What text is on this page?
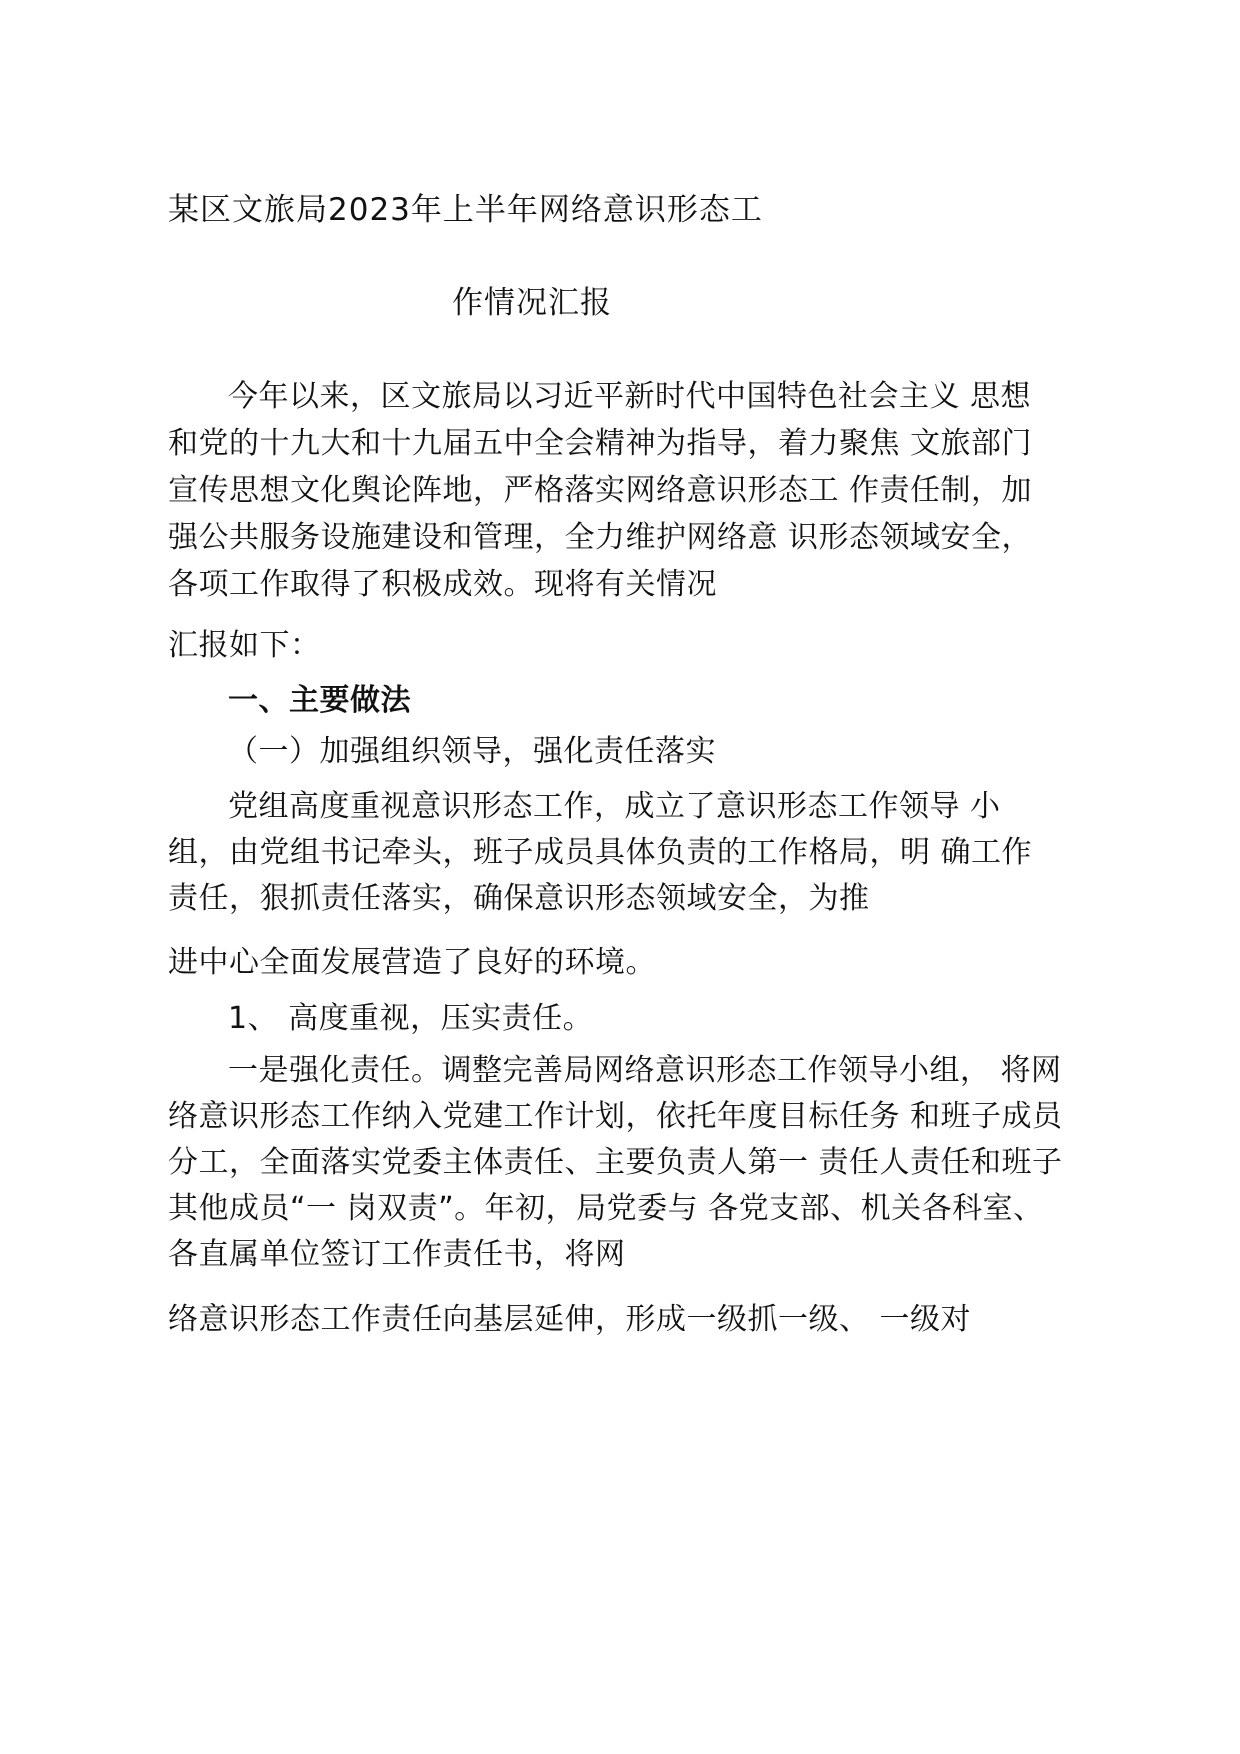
某区文旅局2023年上半年网络意识形态工
作情况汇报
今年以来，区文旅局以习近平新时代中国特色社会主义 思想
和党的十九大和十九届五中全会精神为指导，着力聚焦 文旅部门
宣传思想文化舆论阵地，严格落实网络意识形态工 作责任制，加
强公共服务设施建设和管理，全力维护网络意 识形态领域安全，
各项工作取得了积极成效。现将有关情况
汇报如下：
一、主要做法
（一）加强组织领导，强化责任落实
党组高度重视意识形态工作，成立了意识形态工作领导 小
组，由党组书记牵头，班子成员具体负责的工作格局，明 确工作
责任，狠抓责任落实，确保意识形态领域安全，为推
进中心全面发展营造了良好的环境。
1、 高度重视，压实责任。
一是强化责任。调整完善局网络意识形态工作领导小组， 将网
络意识形态工作纳入党建工作计划，依托年度目标任务 和班子成员
分工，全面落实党委主体责任、主要负责人第一 责任人责任和班子
其他成员“一 岗双责”。年初，局党委与 各党支部、机关各科室、
各直属单位签订工作责任书，将网
络意识形态工作责任向基层延伸，形成一级抓一级、 一级对
